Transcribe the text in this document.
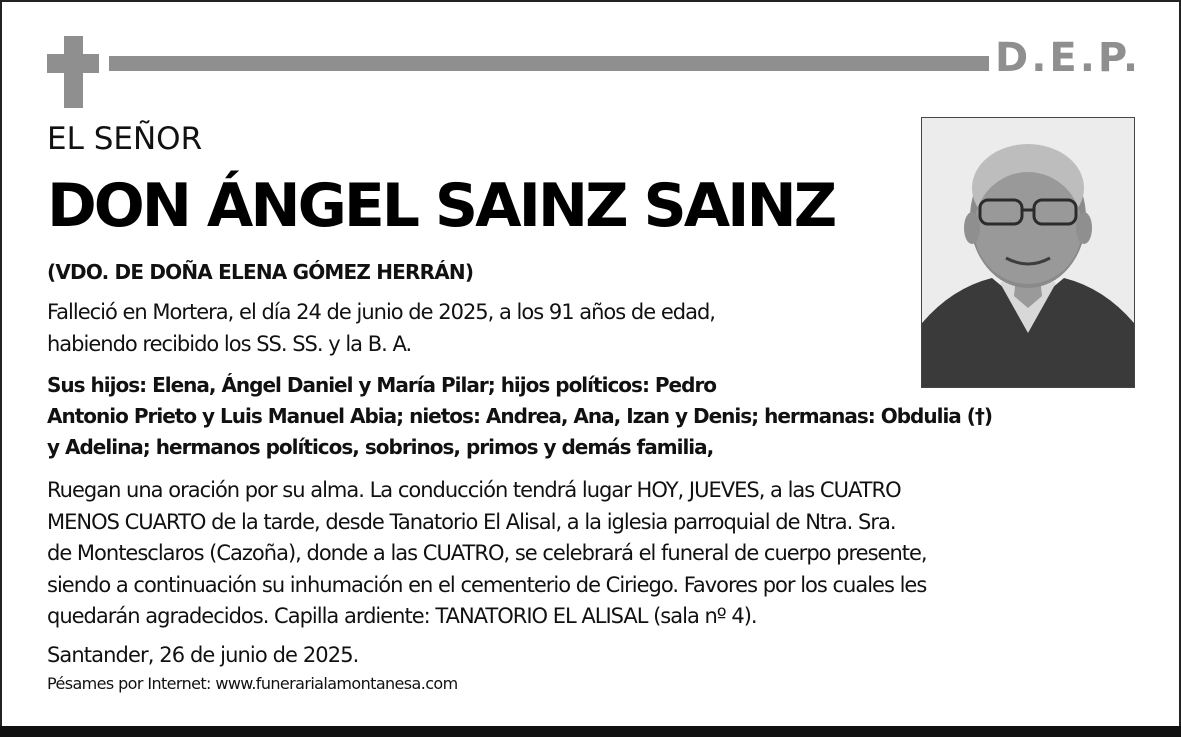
D.E.P.
EL SEÑOR
DON ÁNGEL SAINZ SAINZ
(VDO. DE DOÑA ELENA GÓMEZ HERRÁN)
Falleció en Mortera, el día 24 de junio de 2025, a los 91 años de edad,
habiendo recibido los SS. SS. y la B. A.

Sus hijos: Elena, Ángel Daniel y María Pilar; hijos políticos: Pedro

Antonio Prieto y Luis Manuel Abia; nietos: Andrea, Ana, Izan y Denis; hermanas: Obdulia (†)

y Adelina; hermanos políticos, sobrinos, primos y demás familia,

Ruegan una oración por su alma. La conducción tendrá lugar HOY, JUEVES, a las CUATRO
MENOS CUARTO de la tarde, desde Tanatorio El Alisal, a la iglesia parroquial de Ntra. Sra.
de Montesclaros (Cazoña), donde a las CUATRO, se celebrará el funeral de cuerpo presente,
siendo a continuación su inhumación en el cementerio de Ciriego. Favores por los cuales les
quedarán agradecidos. Capilla ardiente: TANATORIO EL ALISAL (sala nº 4).
Santander, 26 de junio de 2025.
Pésames por Internet: www.funerarialamontanesa.com
